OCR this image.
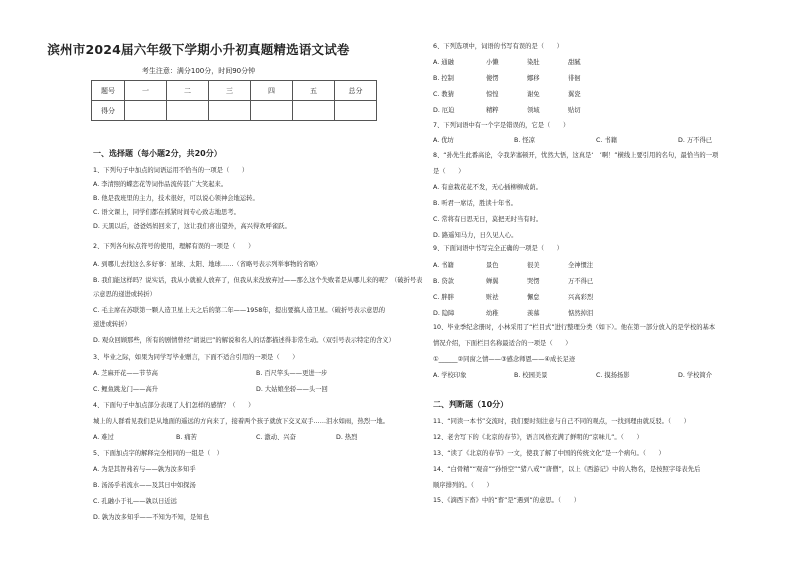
滨州市2024届六年级下学期小升初真题精选语文试卷
考生注意：满分100分，时间90分钟
题号	一	二	三	四	五	总分
得分						
一、选择题（每小题2分，共20分）
1、下列句子中加点的词语运用不恰当的一项是（　　）
A. 李清照的蝶恋花等词作品流传甚广大笑起来。
B. 他是我班里的主力，技术很好，可以说心领神会地运转。
C. 语文课上，同学们都在抓紧时间专心致志地思考。
D. 天黑以后，爸爸妈妈回来了，这让我们喜出望外，高兴得欢呼雀跃。
2、下列各句标点符号的使用，理解有误的一项是（　　）
A. 到哪儿去找这么多好事：星球、太阳、地球……（省略号表示列举事物的省略）
B. 我们能这样吗？说实话，我从小就被人放弃了，但我从来没放弃过——那么这个失败者是从哪儿来的呢？（破折号表
示意思的递进或转折）
C. 毛主席在苏联第一颗人造卫星上天之后的第二年——1958年，提出要搞人造卫星。（破折号表示意思的
递进或转折）
D. 观众回顾那些，所有的剧情曾经“胡说巴”的解说和名人的话都描述得非常生动。（双引号表示特定的含义）
3、毕业之际，如果为同学写毕业赠言，下面不适合引用的一项是（　　）
A. 芝麻开花——节节高	B. 百尺竿头——更进一步
C. 鲤鱼跳龙门——高升	D. 大姑娘坐轿——头一回
4、下面句子中加点部分表现了人们怎样的感情？（　　）
城上的人群看见我们是从地面的遥远的方向来了，接着两个孩子就放下交叉双手……泪水如雨，热烈一地。
A. 难过	B. 痛苦	C. 激动、兴奋	D. 热烈
5、下面加点字的解释完全相同的一组是（　）
A. 为是其智弗若与——孰为汝多知乎
B. 汤汤乎若流水——及其日中如探汤
C. 孔融小于礼——孰以日近远
D. 孰为汝多知乎——不知为不知，是知也
6、下列选项中，词语的书写有误的是（　　）
A. 通融	小懒	染肚	甜腻
B. 控制	傻愣	娜移	徘徊
C. 教猜	惊惶	谢免	翼瓷
D. 厄迫	精粹	领域	贴切
7、下列词语中有一个字是错误的，它是（　　）
A. 优坊	B. 怪凉	C. 书籍	D. 万不得已
8、“孙先生此番高论，令我茅塞顿开，忧然大悟，这真是‘　’啊！”横线上要引用的名句，最恰当的一项
是（　　）
A. 有意栽花花不发，无心插柳柳成荫。
B. 听君一席话，胜读十年书。
C. 常将有日思无日，莫把无时当有时。
D. 路遥知马力，日久见人心。
9、下面词语中书写完全正确的一项是（　　）
A. 书籍	景色	很美	全神惯注
B. 贷款	蝉翼	哭愣	万不得已
C. 胖胖	赃祛	懈怠	兴高彩烈
D. 隐障	幼稚	羡慕	惦然掉泪
10、毕业季纪念册时，小林采用了“栏目式”进行整理分类（如下）。他在第一部分放入的是学校的基本
情况介绍，下面栏目名称最适合的一项是（　　）
①______②同窗之情——③感念师恩——④成长足迹
A. 学校印象	B. 校园美景	C. 摸扬扬影	D. 学校简介
二、判断题（10分）
11、“同读一本书”交流时，我们要时刻注意与自己不同的观点，一找到理由就反驳。（　　）
12、老舍写下的《北京的春节》，语言风格充满了鲜明的“京味儿”。（　　）
13、“读了《北京的春节》一文，使我了解了中国的传统文化”是一个病句。（　　）
14、“白骨精”“观音”“孙悟空”“猪八戒”“唐僧”，以上《西游记》中的人物名，是按照字母表先后
顺序排列的。（　　）
15、《滴西下畜》中的“畜”是“遇到”的意思。（　　）
